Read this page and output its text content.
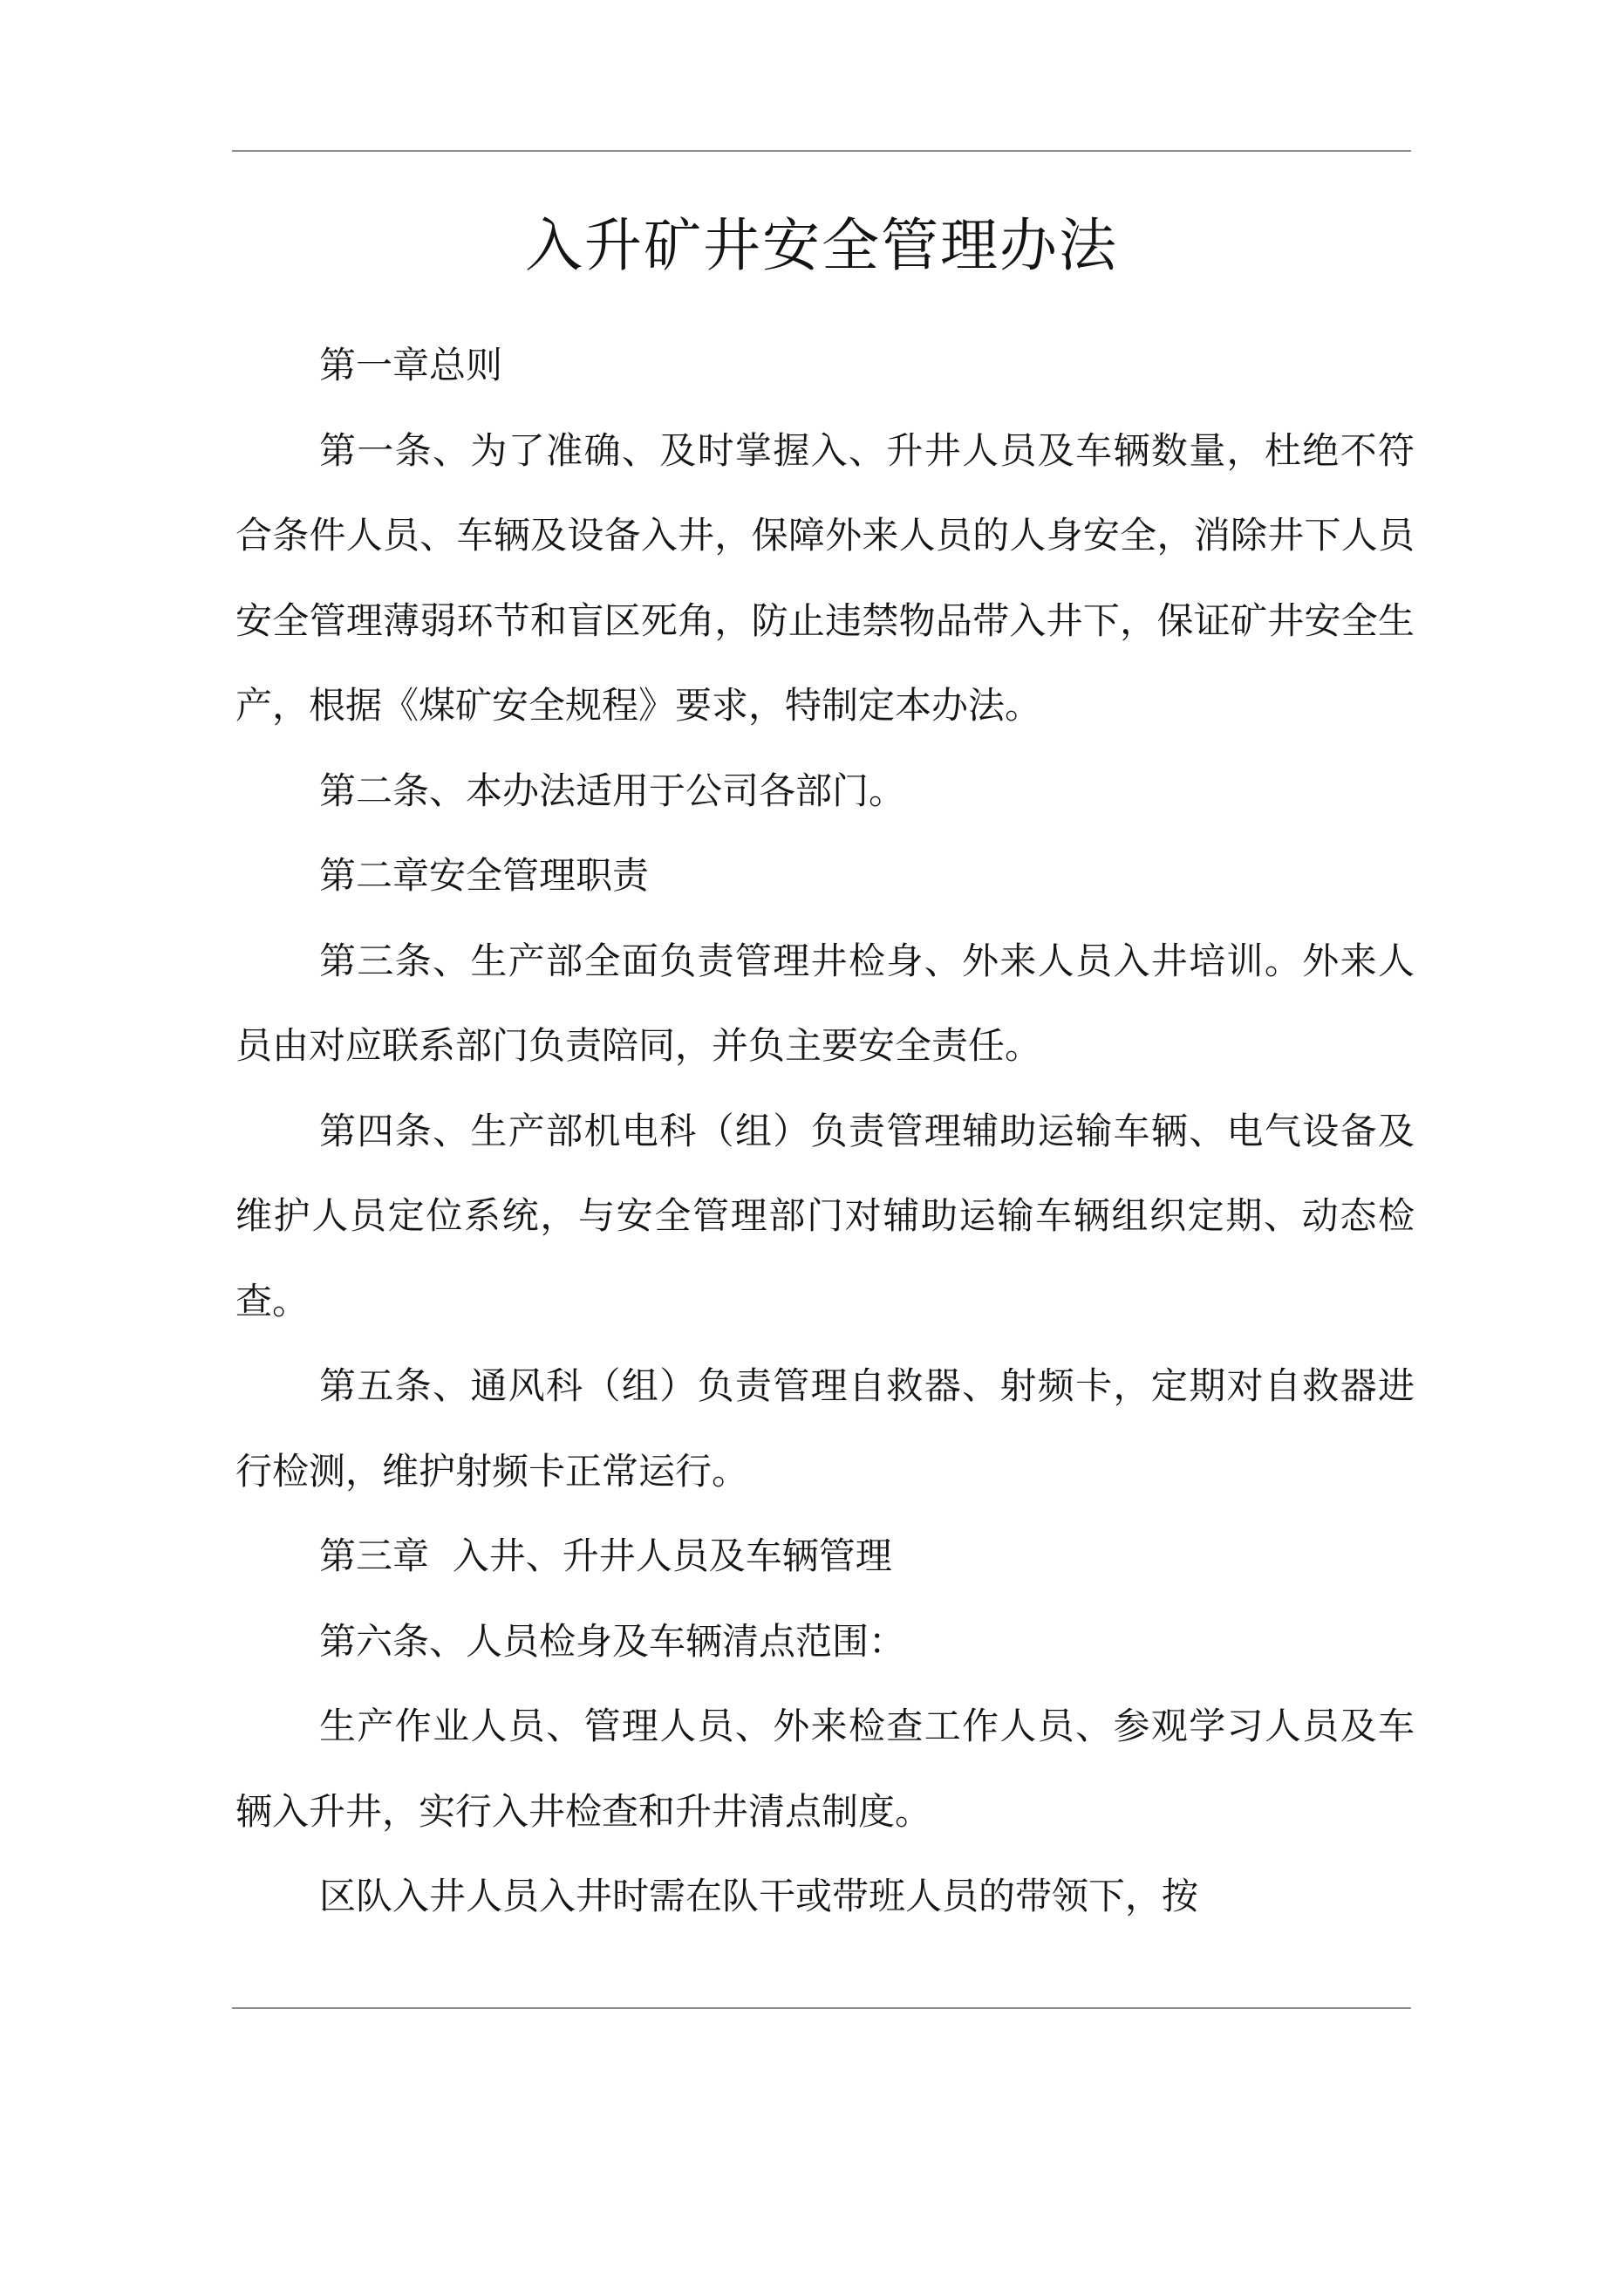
入升矿井安全管理办法

第一章总则

第一条、为了准确、及时掌握入、升井人员及车辆数量，杜绝不符合条件人员、车辆及设备入井，保障外来人员的人身安全，消除井下人员安全管理薄弱环节和盲区死角，防止违禁物品带入井下，保证矿井安全生产，根据《煤矿安全规程》要求，特制定本办法。

第二条、本办法适用于公司各部门。

第二章安全管理职责

第三条、生产部全面负责管理井检身、外来人员入井培训。外来人员由对应联系部门负责陪同，并负主要安全责任。

第四条、生产部机电科（组）负责管理辅助运输车辆、电气设备及维护人员定位系统，与安全管理部门对辅助运输车辆组织定期、动态检查。

第五条、通风科（组）负责管理自救器、射频卡，定期对自救器进行检测，维护射频卡正常运行。

第三章  入井、升井人员及车辆管理

第六条、人员检身及车辆清点范围：

生产作业人员、管理人员、外来检查工作人员、参观学习人员及车辆入升井，实行入井检查和升井清点制度。

区队入井人员入井时需在队干或带班人员的带领下，按
